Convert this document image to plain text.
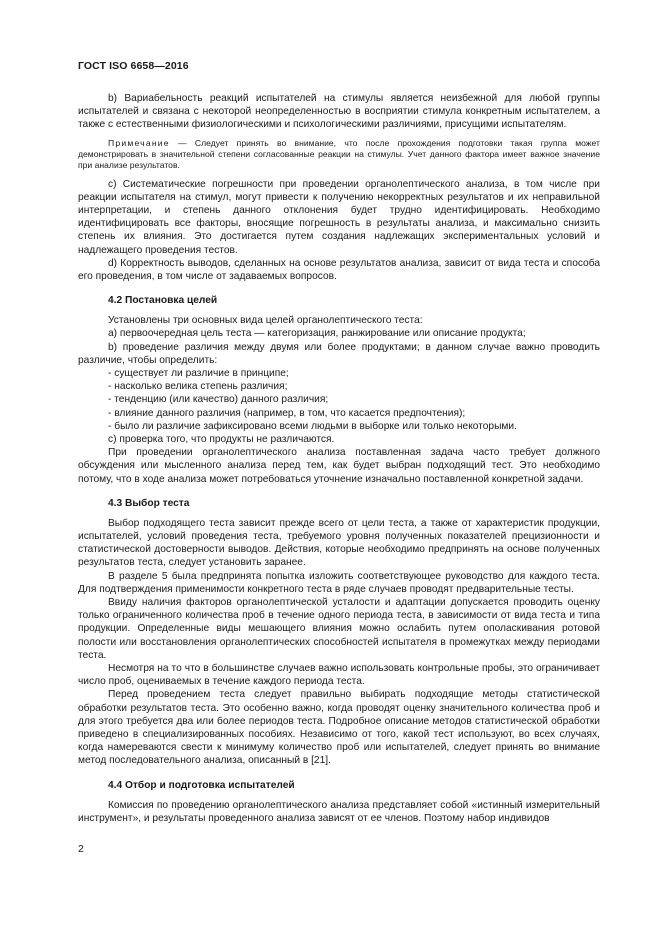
ГОСТ ISO 6658—2016

b) Вариабельность реакций испытателей на стимулы является неизбежной для любой группы испытателей и связана с некоторой неопределенностью в восприятии стимула конкретным испытателем, а также с естественными физиологическими и психологическими различиями, присущими испытателям.

Примечание — Следует принять во внимание, что после прохождения подготовки такая группа может демонстрировать в значительной степени согласованные реакции на стимулы. Учет данного фактора имеет важное значение при анализе результатов.

c) Систематические погрешности при проведении органолептического анализа, в том числе при реакции испытателя на стимул, могут привести к получению некорректных результатов и их неправильной интерпретации, и степень данного отклонения будет трудно идентифицировать. Необходимо идентифицировать все факторы, вносящие погрешность в результаты анализа, и максимально снизить степень их влияния. Это достигается путем создания надлежащих экспериментальных условий и надлежащего проведения тестов.

d) Корректность выводов, сделанных на основе результатов анализа, зависит от вида теста и способа его проведения, в том числе от задаваемых вопросов.

4.2 Постановка целей

Установлены три основных вида целей органолептического теста:

a) первоочередная цель теста — категоризация, ранжирование или описание продукта;

b) проведение различия между двумя или более продуктами; в данном случае важно проводить различие, чтобы определить:

- существует ли различие в принципе;
- насколько велика степень различия;
- тенденцию (или качество) данного различия;
- влияние данного различия (например, в том, что касается предпочтения);
- было ли различие зафиксировано всеми людьми в выборке или только некоторыми.

c) проверка того, что продукты не различаются.

При проведении органолептического анализа поставленная задача часто требует должного обсуждения или мысленного анализа перед тем, как будет выбран подходящий тест. Это необходимо потому, что в ходе анализа может потребоваться уточнение изначально поставленной конкретной задачи.

4.3 Выбор теста

Выбор подходящего теста зависит прежде всего от цели теста, а также от характеристик продукции, испытателей, условий проведения теста, требуемого уровня полученных показателей прецизионности и статистической достоверности выводов. Действия, которые необходимо предпринять на основе полученных результатов теста, следует установить заранее.

В разделе 5 была предпринята попытка изложить соответствующее руководство для каждого теста. Для подтверждения применимости конкретного теста в ряде случаев проводят предварительные тесты.

Ввиду наличия факторов органолептической усталости и адаптации допускается проводить оценку только ограниченного количества проб в течение одного периода теста, в зависимости от вида теста и типа продукции. Определенные виды мешающего влияния можно ослабить путем ополаскивания ротовой полости или восстановления органолептических способностей испытателя в промежутках между периодами теста.

Несмотря на то что в большинстве случаев важно использовать контрольные пробы, это ограничивает число проб, оцениваемых в течение каждого периода теста.

Перед проведением теста следует правильно выбирать подходящие методы статистической обработки результатов теста. Это особенно важно, когда проводят оценку значительного количества проб и для этого требуется два или более периодов теста. Подробное описание методов статистической обработки приведено в специализированных пособиях. Независимо от того, какой тест используют, во всех случаях, когда намереваются свести к минимуму количество проб или испытателей, следует принять во внимание метод последовательного анализа, описанный в [21].

4.4 Отбор и подготовка испытателей

Комиссия по проведению органолептического анализа представляет собой «истинный измерительный инструмент», и результаты проведенного анализа зависят от ее членов. Поэтому набор индивидов

2
